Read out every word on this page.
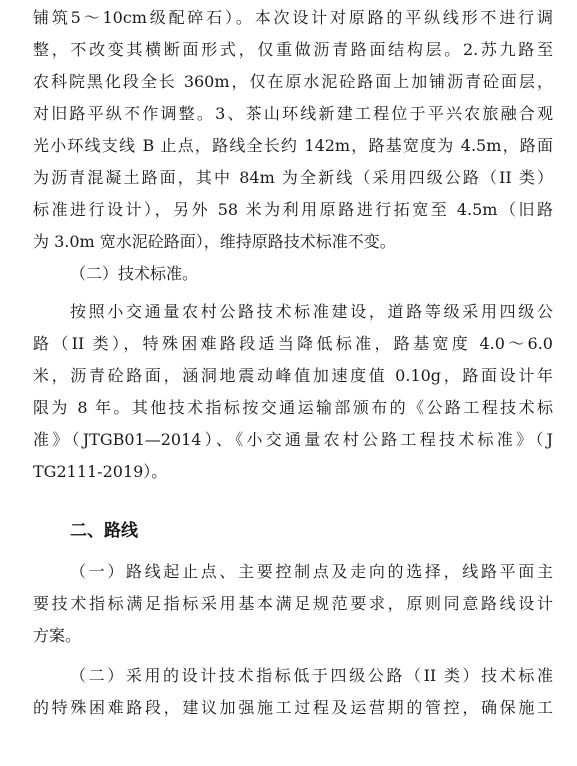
铺筑5～10cm级配碎石）。本次设计对原路的平纵线形不进行调
整，不改变其横断面形式，仅重做沥青路面结构层。2.苏九路至
农科院黑化段全长 360m，仅在原水泥砼路面上加铺沥青砼面层，
对旧路平纵不作调整。3、茶山环线新建工程位于平兴农旅融合观
光小环线支线 B 止点，路线全长约 142m，路基宽度为 4.5m，路面
为沥青混凝土路面，其中 84m 为全新线（采用四级公路（II 类）
标准进行设计），另外 58 米为利用原路进行拓宽至 4.5m（旧路
为 3.0m 宽水泥砼路面），维持原路技术标准不变。
（二）技术标准。
按照小交通量农村公路技术标准建设，道路等级采用四级公
路（II 类），特殊困难路段适当降低标准，路基宽度 4.0～6.0
米，沥青砼路面，涵洞地震动峰值加速度值 0.10g，路面设计年
限为 8 年。其他技术指标按交通运输部颁布的《公路工程技术标
准》（JTGB01—2014）、《小交通量农村公路工程技术标准》（J
TG2111-2019）。
二、路线
（一）路线起止点、主要控制点及走向的选择，线路平面主
要技术指标满足指标采用基本满足规范要求，原则同意路线设计
方案。
（二）采用的设计技术指标低于四级公路（II 类）技术标准
的特殊困难路段，建议加强施工过程及运营期的管控，确保施工
